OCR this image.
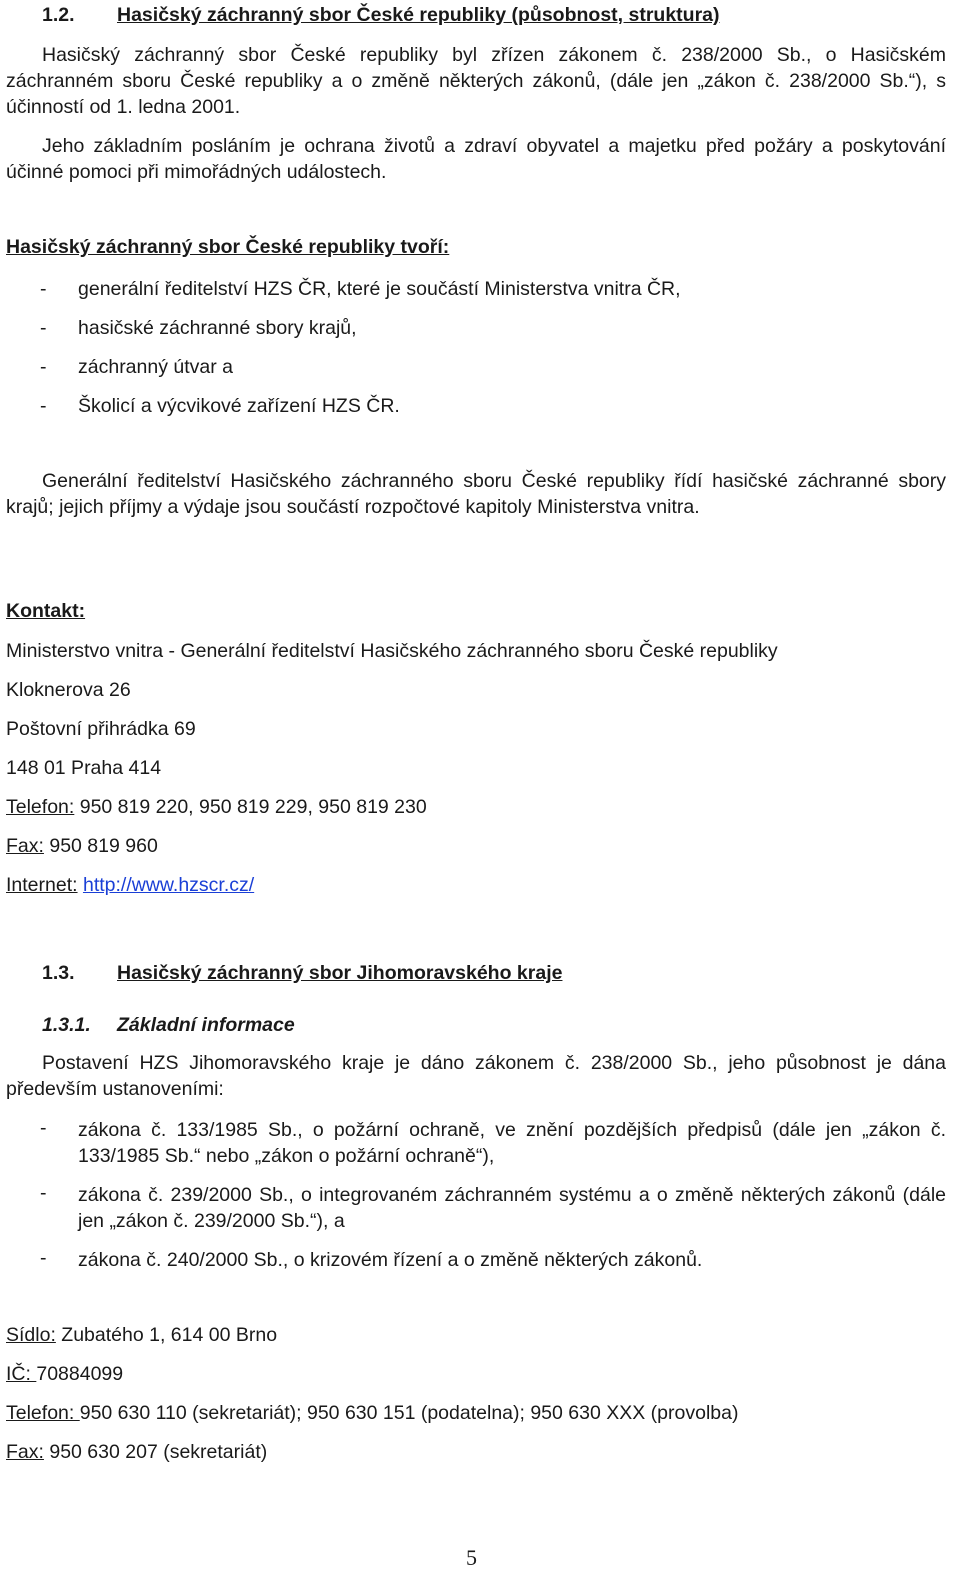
1.2. Hasičský záchranný sbor České republiky (působnost, struktura)
Hasičský záchranný sbor České republiky byl zřízen zákonem č. 238/2000 Sb., o Hasičském záchranném sboru České republiky a o změně některých zákonů, (dále jen „zákon č. 238/2000 Sb.“), s účinností od 1. ledna 2001.
Jeho základním posláním je ochrana životů a zdraví obyvatel a majetku před požáry a poskytování účinné pomoci při mimořádných událostech.
Hasičský záchranný sbor České republiky tvoří:
- generální ředitelství HZS ČR, které je součástí Ministerstva vnitra ČR,
- hasičské záchranné sbory krajů,
- záchranný útvar a
- Školicí a výcvikové zařízení HZS ČR.
Generální ředitelství Hasičského záchranného sboru České republiky řídí hasičské záchranné sbory krajů; jejich příjmy a výdaje jsou součástí rozpočtové kapitoly Ministerstva vnitra.
Kontakt:
Ministerstvo vnitra - Generální ředitelství Hasičského záchranného sboru České republiky
Kloknerova 26
Poštovní přihrádka 69
148 01 Praha 414
Telefon: 950 819 220, 950 819 229, 950 819 230
Fax: 950 819 960
Internet: http://www.hzscr.cz/
1.3. Hasičský záchranný sbor Jihomoravského kraje
1.3.1. Základní informace
Postavení HZS Jihomoravského kraje je dáno zákonem č. 238/2000 Sb., jeho působnost je dána především ustanoveními:
- zákona č. 133/1985 Sb., o požární ochraně, ve znění pozdějších předpisů (dále jen „zákon č. 133/1985 Sb.“ nebo „zákon o požární ochraně“),
- zákona č. 239/2000 Sb., o integrovaném záchranném systému a o změně některých zákonů (dále jen „zákon č. 239/2000 Sb.“), a
- zákona č. 240/2000 Sb., o krizovém řízení a o změně některých zákonů.
Sídlo: Zubatého 1, 614 00 Brno
IČ: 70884099
Telefon: 950 630 110 (sekretariát); 950 630 151 (podatelna); 950 630 XXX (provolba)
Fax: 950 630 207 (sekretariát)
5
